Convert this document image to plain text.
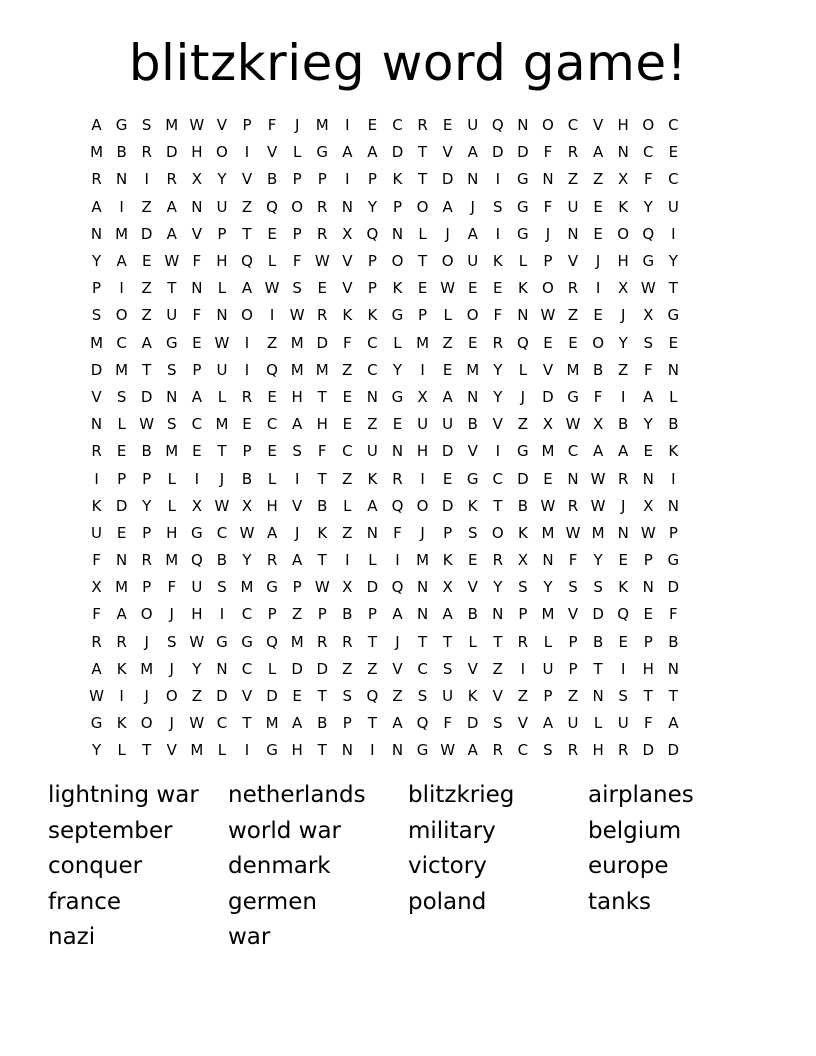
blitzkrieg word game!
A G S M W V	P	F	J	M	I	E	C R	E U Q N O C V H O C
M B R D H O	I	V	L	G A A D T	V A D D F	R A N C	E
R N	I	R X	Y	V B	P	P	I	P	K	T D N	I	G N Z Z X	F	C
A	I	Z A N U Z Q O R N Y	P O A	J	S G F	U E	K	Y	U
N M D A V	P	T	E	P	R X Q N	L	J	A	I	G	J	N E O Q	I
Y	A	E W F	H Q	L	F W V	P O T O U K	L	P	V	J	H G Y
P	I	Z	T N	L	A W S	E	V	P	K	E W E	E	K O R	I	X W T
S O Z U	F	N O	I	W R K	K G P	L O F	N W Z	E	J	X G
M C A G E W	I	Z M D F	C	L M Z	E	R Q E	E O Y	S	E
D M T	S	P	U	I	Q M M Z C	Y	I	E M Y	L	V M B Z	F	N
V	S D N A	L	R	E H T	E N G X A N Y	J	D G F	I	A	L
N	L W S	C M E	C A H E	Z	E U U B V Z X W X B	Y	B
R	E	B M E	T	P	E	S	F	C U N H D V	I	G M C A A	E	K
I	P	P	L	I	J	B	L	I	T	Z	K R	I	E G C D E N W R N	I
K D Y	L	X W X H V B	L	A Q O D K	T	B W R W	J	X N
U E	P H G C W A	J	K	Z N	F	J	P	S O K M W M N W P
F	N R M Q B	Y	R A	T	I	L	I	M K	E	R X N	F	Y	E	P G
X M P	F	U S M G P W X D Q N X V	Y	S	Y	S	S	K N D
F	A O	J	H	I	C	P	Z	P	B	P	A N A B N P M V D Q E	F
R R	J	S W G G Q M R R	T	J	T	T	L	T	R	L	P	B	E	P	B
A	K M	J	Y N C	L	D D Z Z V C	S	V Z	I	U	P	T	I	H N
W	I	J	O Z D V D E	T	S Q Z	S U K	V Z	P	Z N S	T	T
G K O	J	W C	T M A B	P	T	A Q F D S	V A U	L	U	F	A
Y	L	T	V M L	I	G H T N	I	N G W A R C	S	R H R D D
lightning war	netherlands	blitzkrieg	airplanes
september	world war	military	belgium
conquer	denmark	victory	europe
france	germen	poland	tanks
nazi	war
